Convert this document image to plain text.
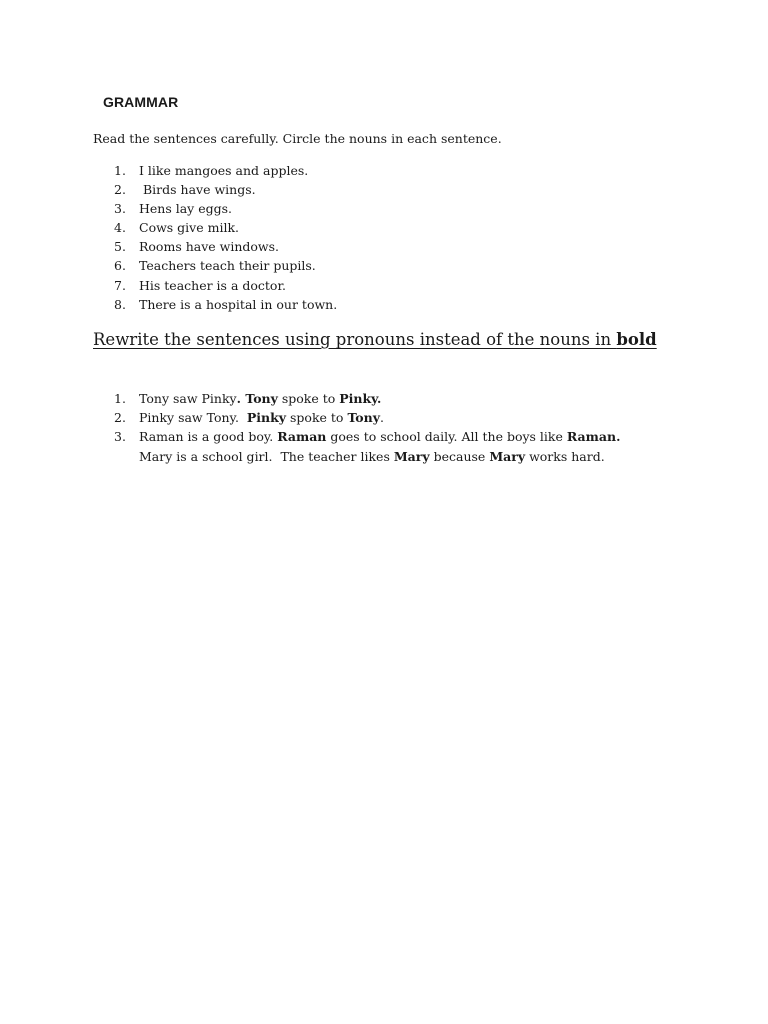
GRAMMAR
Read the sentences carefully. Circle the nouns in each sentence.
1.	I like mangoes and apples.
2.	Birds have wings.
3.	Hens lay eggs.
4.	Cows give milk.
5.	Rooms have windows.
6.	Teachers teach their pupils.
7.	His teacher is a doctor.
8.	There is a hospital in our town.
Rewrite the sentences using pronouns instead of the nouns in bold
1.	Tony saw Pinky. Tony spoke to Pinky.
2.	Pinky saw Tony.  Pinky spoke to Tony.
3.	Raman is a good boy. Raman goes to school daily. All the boys like Raman.
Mary is a school girl.  The teacher likes Mary because Mary works hard.
